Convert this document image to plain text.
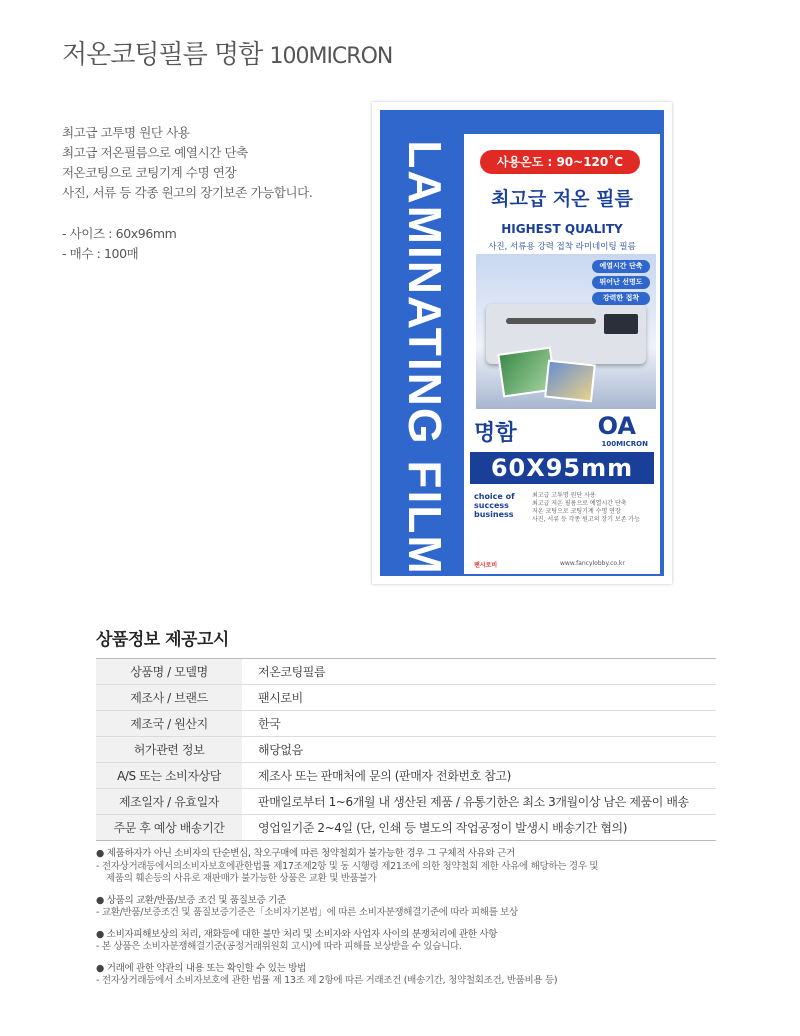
저온코팅필름 명함 100MICRON

최고급 고투명 원단 사용

최고급 저온필름으로 예열시간 단축

저온코팅으로 코팅기계 수명 연장

사진, 서류 등 각종 원고의 장기보존 가능합니다.

- 사이즈 : 60x96mm

- 매수 : 100매	LAMINATING FILM	사용온도 : 90~120˚C
최고급 저온 필름
HIGHEST QUALITY
사진, 서류용 강력 접착 라미네이팅 필름
예열시간 단축
뛰어난 선명도
강력한 접착
명함	OA
100MICRON
60X95mm

choice of

success

business

최고급 고투명 원단 사용

최고급 저온 필름으로 예열시간 단축

저온 코팅으로 코팅기계 수명 연장

사진, 서류 등 각종 원고의 장기 보존 가능

팬시로비	www.fancylobby.co.kr
상품정보 제공고시
상품명 / 모델명	저온코팅필름
제조사 / 브랜드	팬시로비
제조국 / 원산지	한국
허가관련 정보	해당없음
A/S 또는 소비자상담	제조사 또는 판매처에 문의 (판매자 전화번호 참고)
제조일자 / 유효일자	판매일로부터 1~6개월 내 생산된 제품 / 유통기한은 최소 3개월이상 남은 제품이 배송
주문 후 예상 배송기간	영업일기준 2~4일 (단, 인쇄 등 별도의 작업공정이 발생시 배송기간 협의)

● 제품하자가 아닌 소비자의 단순변심, 착오구매에 따른 청약철회가 불가능한 경우 그 구체적 사유와 근거

- 전자상거래등에서의소비자보호에관한법률 제17조제2항 및 동 시행령 제21조에 의한 청약철회 제한 사유에 해당하는 경우 및

제품의 훼손등의 사유로 재판매가 불가능한 상품은 교환 및 반품불가

● 상품의 교환/반품/보증 조건 및 품질보증 기준

- 교환/반품/보증조건 및 품질보증기준은「소비자기본법」에 따른 소비자분쟁해결기준에 따라 피해를 보상

● 소비자피해보상의 처리, 재화등에 대한 불만 처리 및 소비자와 사업자 사이의 분쟁처리에 관한 사항

- 본 상품은 소비자분쟁해결기준(공정거래위원회 고시)에 따라 피해를 보상받을 수 있습니다.

● 거래에 관한 약관의 내용 또는 확인할 수 있는 방법

- 전자상거래등에서 소비자보호에 관한 법률 제 13조 제 2항에 따른 거래조건 (배송기간, 청약철회조건, 반품비용 등)
